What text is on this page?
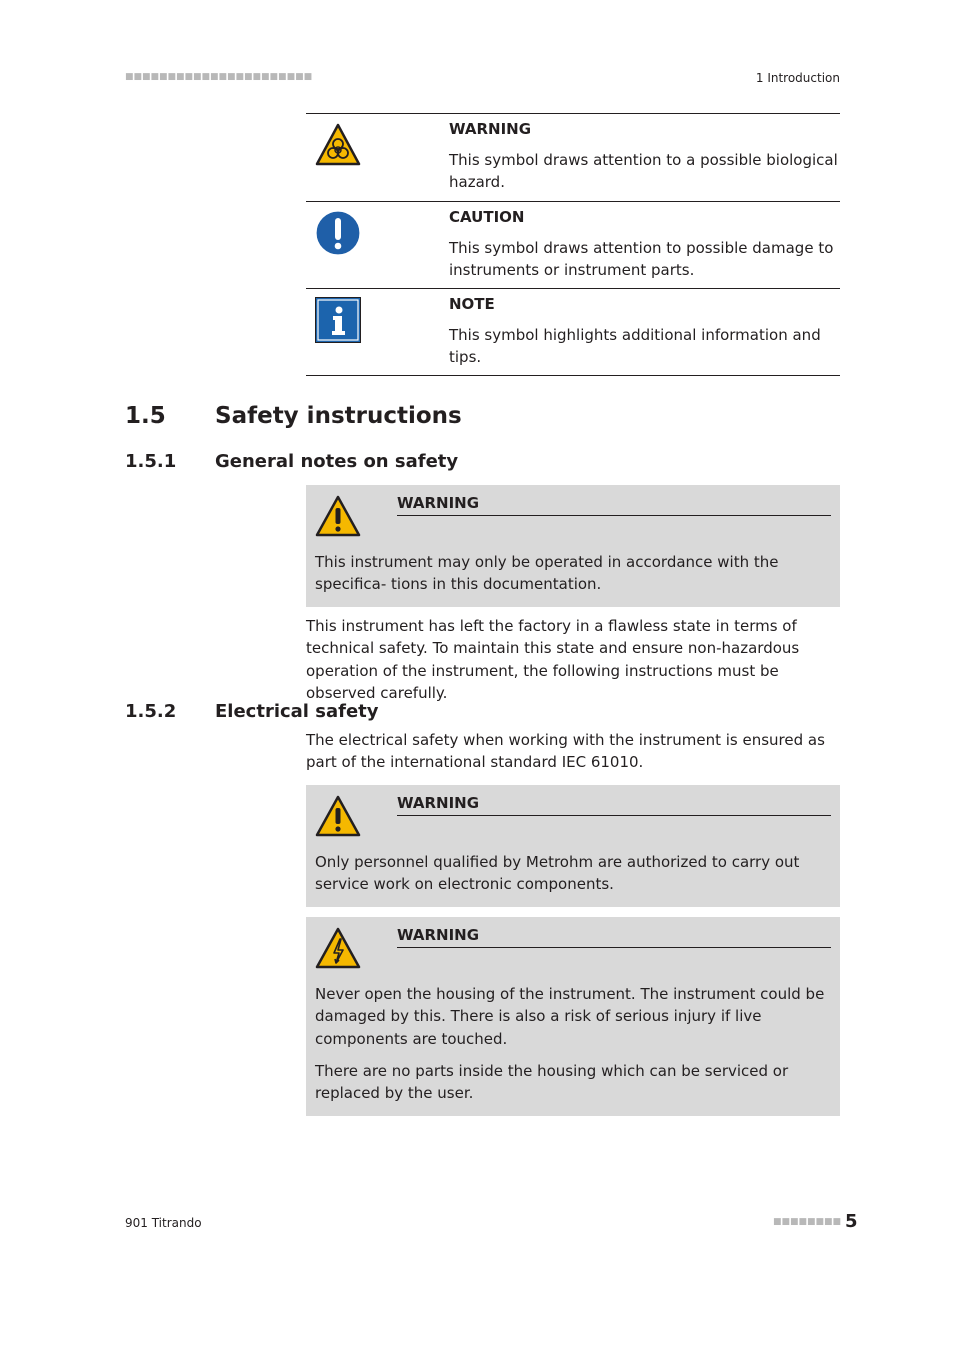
■■■■■■■■■■■■■■■■■■■■■■	1 Introduction
WARNING
This symbol draws attention to a possible biological hazard.
CAUTION
This symbol draws attention to possible damage to instruments or instrument parts.
NOTE
This symbol highlights additional information and tips.
1.5 Safety instructions
1.5.1 General notes on safety
WARNING
This instrument may only be operated in accordance with the specifica- tions in this documentation.
This instrument has left the factory in a flawless state in terms of technical safety. To maintain this state and ensure non-hazardous operation of the instrument, the following instructions must be observed carefully.
1.5.2 Electrical safety
The electrical safety when working with the instrument is ensured as part of the international standard IEC 61010.
WARNING
Only personnel qualified by Metrohm are authorized to carry out service work on electronic components.
WARNING
Never open the housing of the instrument. The instrument could be damaged by this. There is also a risk of serious injury if live components are touched.
There are no parts inside the housing which can be serviced or replaced by the user.
901 Titrando	■■■■■■■■ 5
